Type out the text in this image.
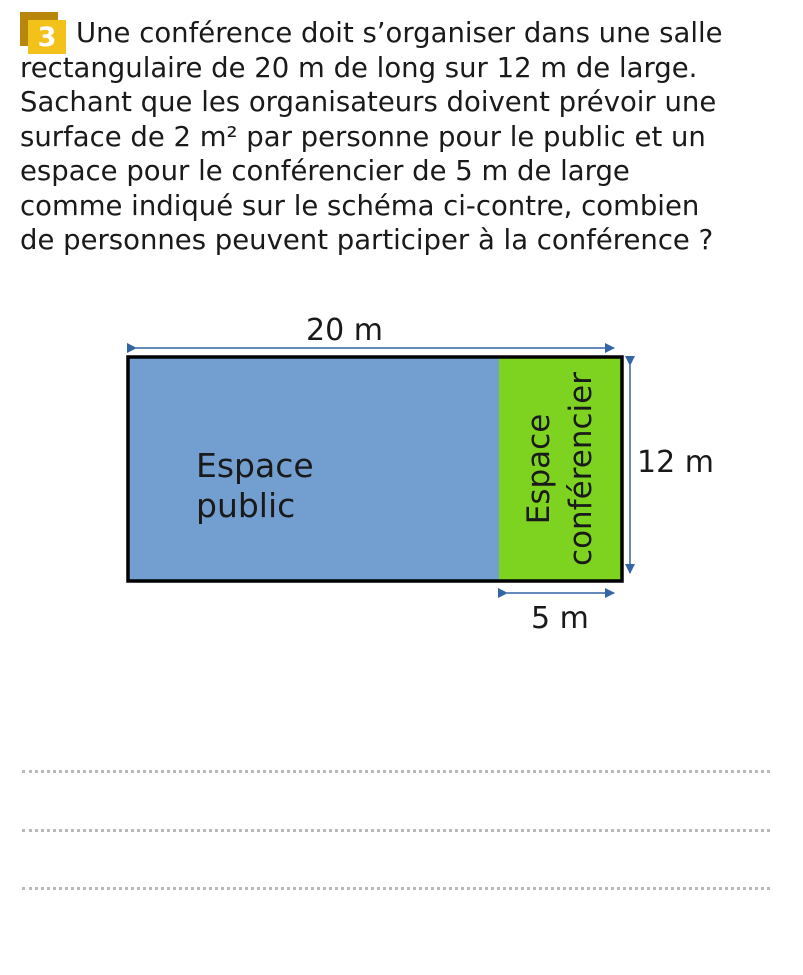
3 Une conférence doit s’organiser dans une salle
rectangulaire de 20 m de long sur 12 m de large.
Sachant que les organisateurs doivent prévoir une
surface de 2 m² par personne pour le public et un
espace pour le conférencier de 5 m de large
comme indiqué sur le schéma ci-contre, combien
de personnes peuvent participer à la conférence ?

20 m
12 m
5 m
Espace
public	Espace conférencier
